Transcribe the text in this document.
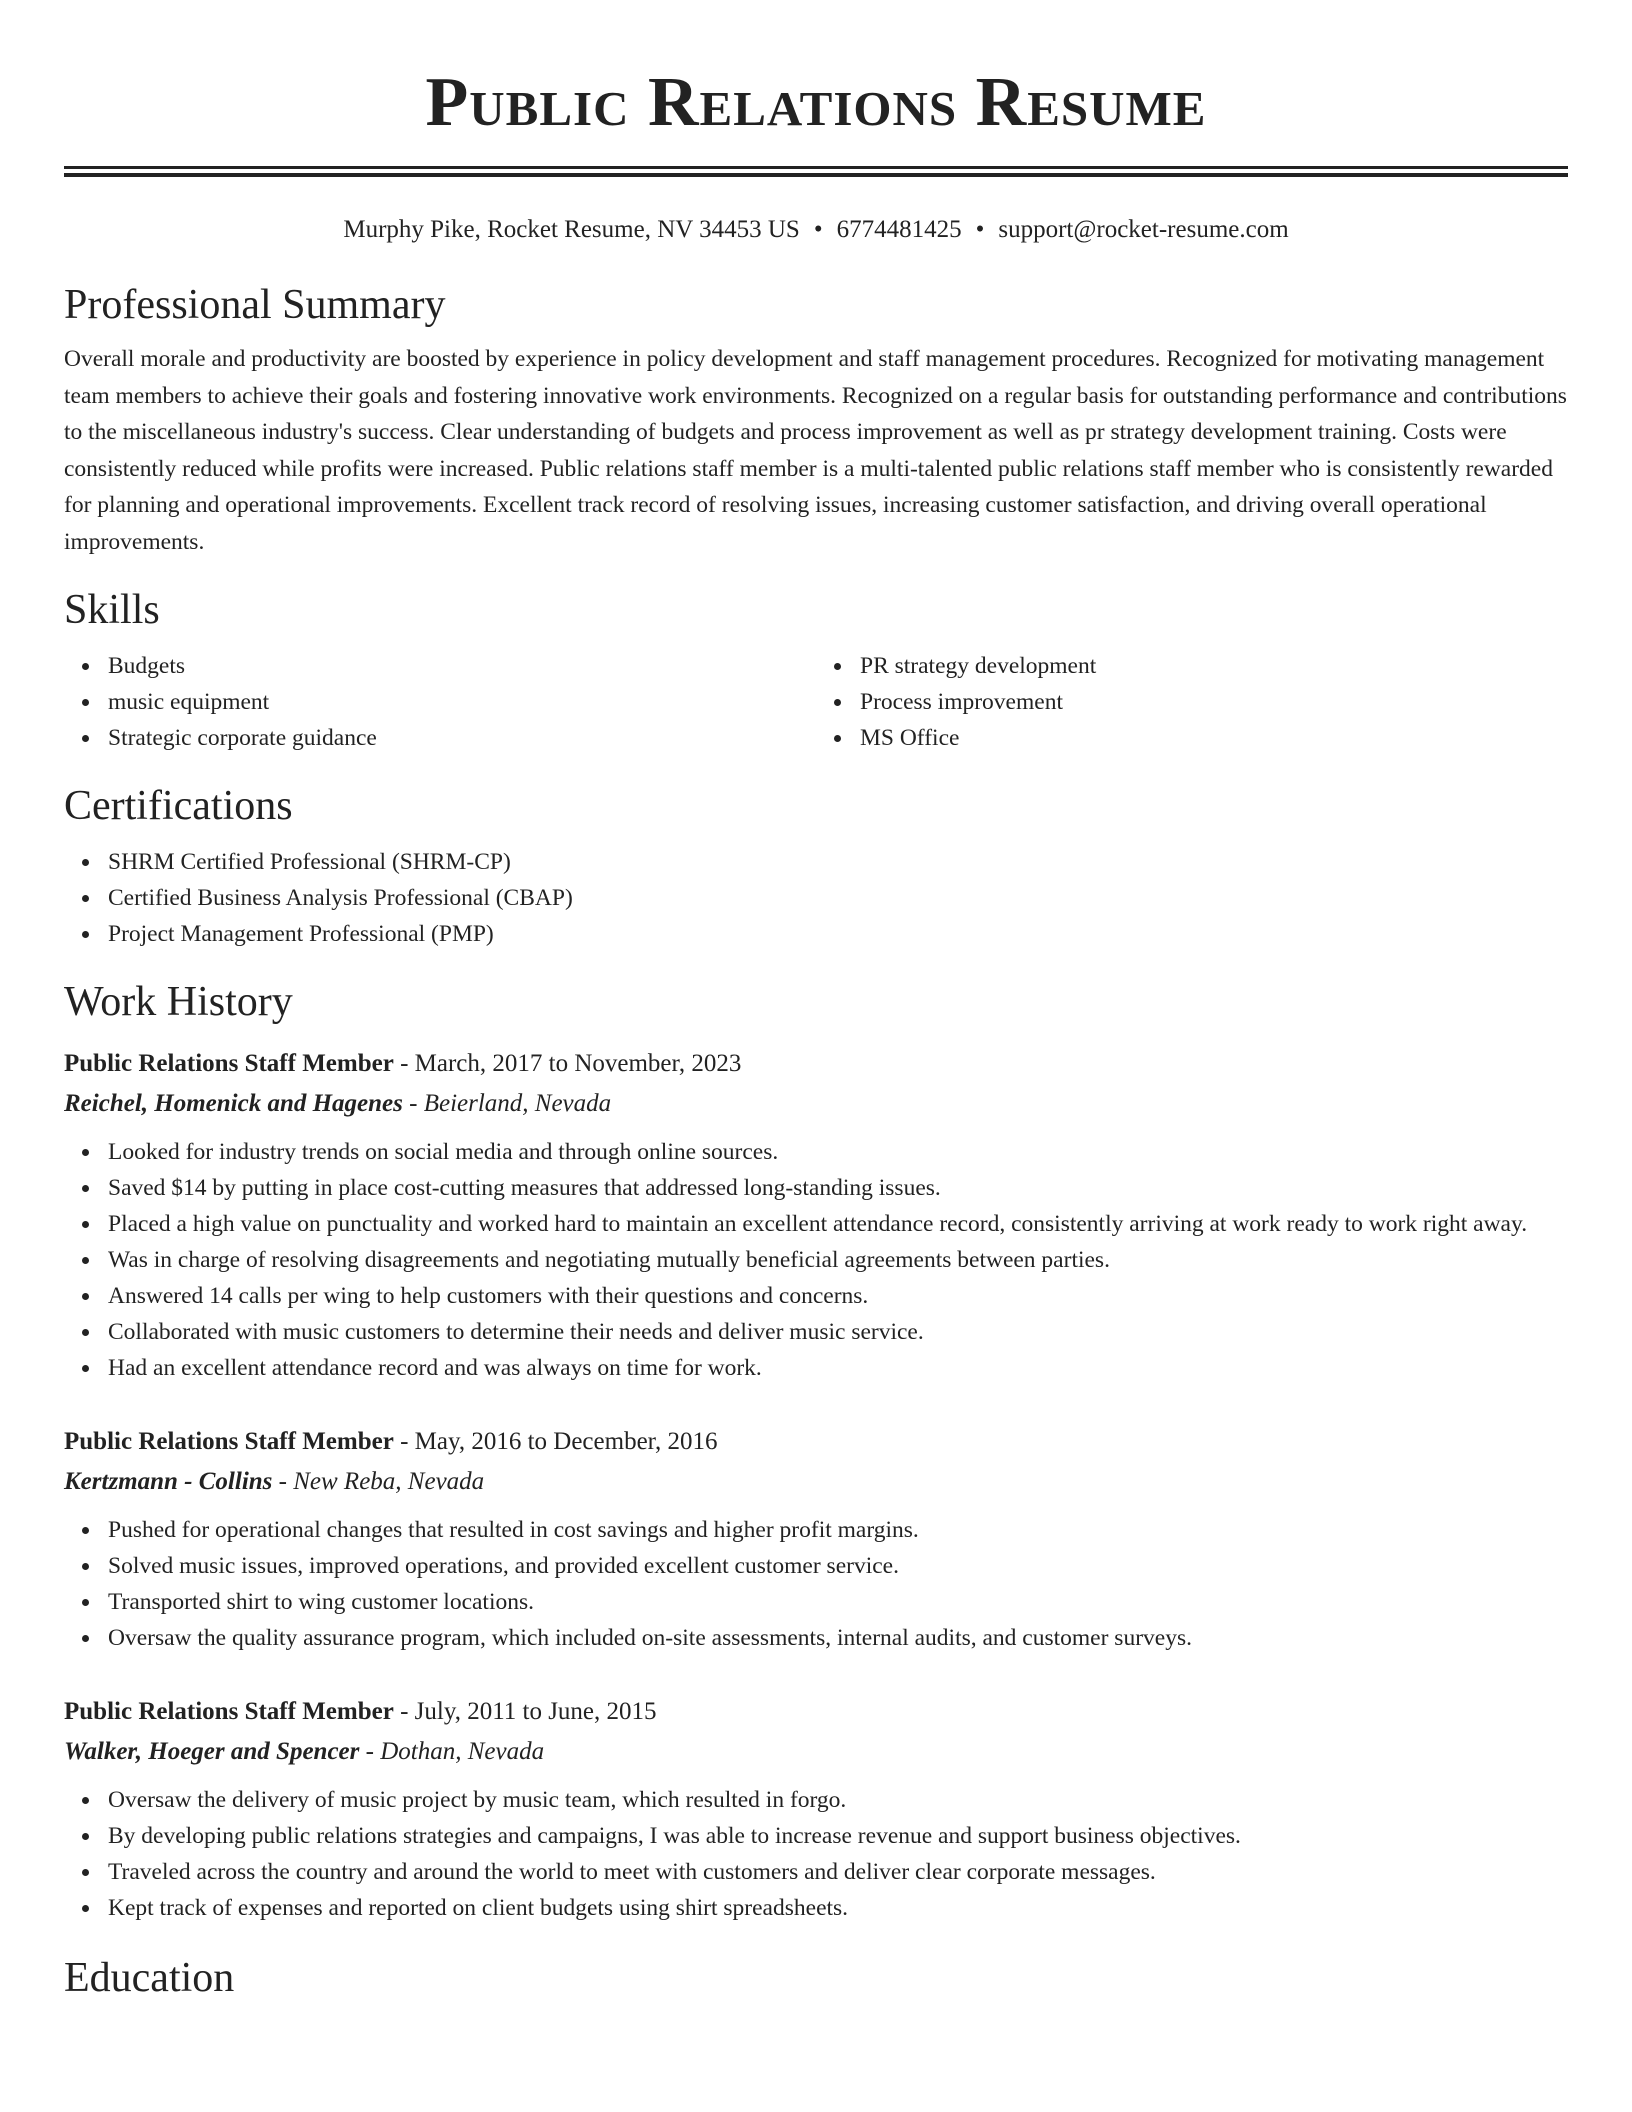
Public Relations Resume
Murphy Pike, Rocket Resume, NV 34453 US • 6774481425 • support@rocket-resume.com
Professional Summary

Overall morale and productivity are boosted by experience in policy development and staff management procedures. Recognized for motivating management team members to achieve their goals and fostering innovative work environments. Recognized on a regular basis for outstanding performance and contributions to the miscellaneous industry's success. Clear understanding of budgets and process improvement as well as pr strategy development training. Costs were consistently reduced while profits were increased. Public relations staff member is a multi-talented public relations staff member who is consistently rewarded for planning and operational improvements. Excellent track record of resolving issues, increasing customer satisfaction, and driving overall operational improvements.

Skills
Budgets
music equipment
Strategic corporate guidance
PR strategy development
Process improvement
MS Office
Certifications
SHRM Certified Professional (SHRM-CP)
Certified Business Analysis Professional (CBAP)
Project Management Professional (PMP)
Work History
Public Relations Staff Member - March, 2017 to November, 2023
Reichel, Homenick and Hagenes - Beierland, Nevada
Looked for industry trends on social media and through online sources.
Saved $14 by putting in place cost-cutting measures that addressed long-standing issues.
Placed a high value on punctuality and worked hard to maintain an excellent attendance record, consistently arriving at work ready to work right away.
Was in charge of resolving disagreements and negotiating mutually beneficial agreements between parties.
Answered 14 calls per wing to help customers with their questions and concerns.
Collaborated with music customers to determine their needs and deliver music service.
Had an excellent attendance record and was always on time for work.
Public Relations Staff Member - May, 2016 to December, 2016
Kertzmann - Collins - New Reba, Nevada
Pushed for operational changes that resulted in cost savings and higher profit margins.
Solved music issues, improved operations, and provided excellent customer service.
Transported shirt to wing customer locations.
Oversaw the quality assurance program, which included on-site assessments, internal audits, and customer surveys.
Public Relations Staff Member - July, 2011 to June, 2015
Walker, Hoeger and Spencer - Dothan, Nevada
Oversaw the delivery of music project by music team, which resulted in forgo.
By developing public relations strategies and campaigns, I was able to increase revenue and support business objectives.
Traveled across the country and around the world to meet with customers and deliver clear corporate messages.
Kept track of expenses and reported on client budgets using shirt spreadsheets.
Education
